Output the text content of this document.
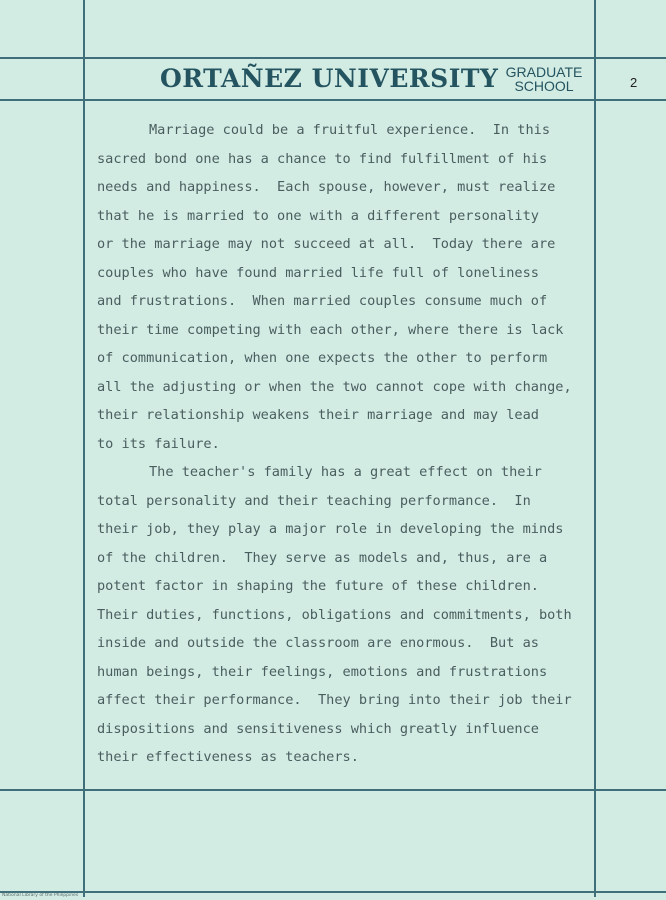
ORTAÑEZ UNIVERSITY GRADUATE
SCHOOL	2
Marriage could be a fruitful experience.  In this
sacred bond one has a chance to find fulfillment of his
needs and happiness.  Each spouse, however, must realize
that he is married to one with a different personality
or the marriage may not succeed at all.  Today there are
couples who have found married life full of loneliness
and frustrations.  When married couples consume much of
their time competing with each other, where there is lack
of communication, when one expects the other to perform
all the adjusting or when the two cannot cope with change,
their relationship weakens their marriage and may lead
to its failure.
The teacher's family has a great effect on their
total personality and their teaching performance.  In
their job, they play a major role in developing the minds
of the children.  They serve as models and, thus, are a
potent factor in shaping the future of these children.
Their duties, functions, obligations and commitments, both
inside and outside the classroom are enormous.  But as
human beings, their feelings, emotions and frustrations
affect their performance.  They bring into their job their
dispositions and sensitiveness which greatly influence
their effectiveness as teachers.
National Library of the Philippines
